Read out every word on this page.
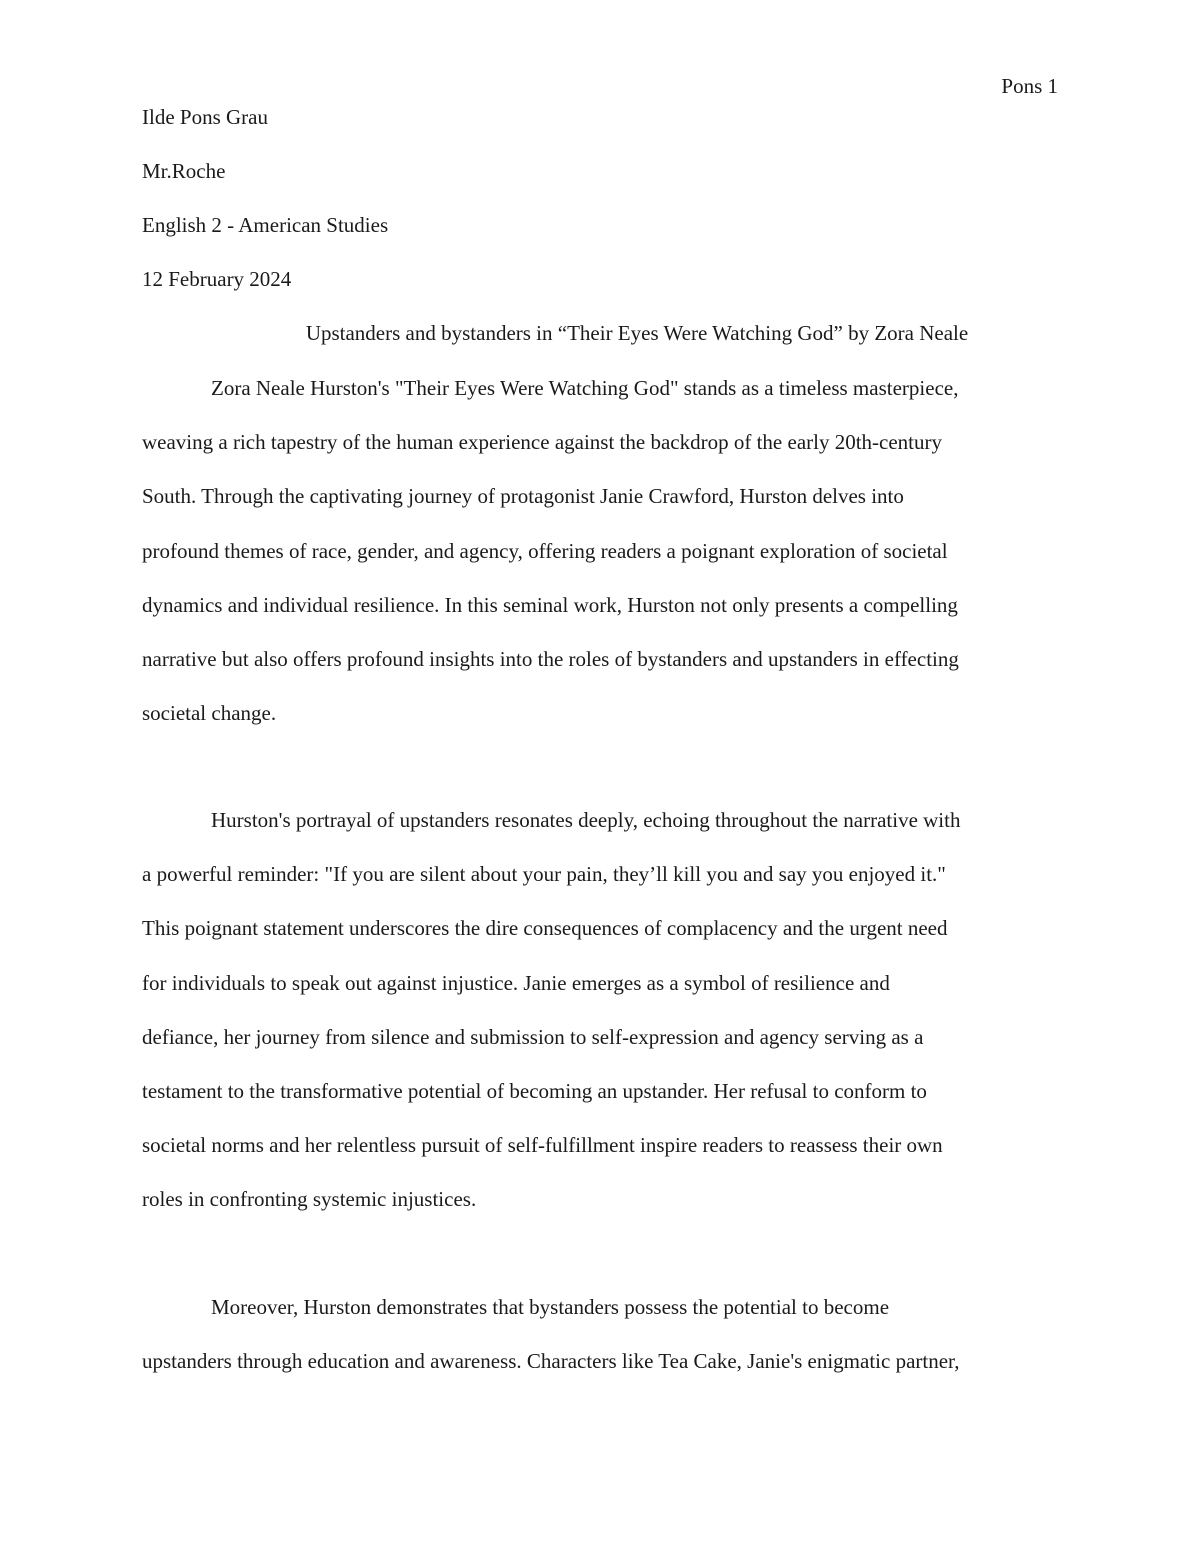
Pons 1
Ilde Pons Grau
Mr.Roche
English 2 - American Studies
12 February 2024
Upstanders and bystanders in “Their Eyes Were Watching God” by Zora Neale
Zora Neale Hurston's "Their Eyes Were Watching God" stands as a timeless masterpiece,
weaving a rich tapestry of the human experience against the backdrop of the early 20th-century
South. Through the captivating journey of protagonist Janie Crawford, Hurston delves into
profound themes of race, gender, and agency, offering readers a poignant exploration of societal
dynamics and individual resilience. In this seminal work, Hurston not only presents a compelling
narrative but also offers profound insights into the roles of bystanders and upstanders in effecting
societal change.
Hurston's portrayal of upstanders resonates deeply, echoing throughout the narrative with
a powerful reminder: "If you are silent about your pain, they’ll kill you and say you enjoyed it."
This poignant statement underscores the dire consequences of complacency and the urgent need
for individuals to speak out against injustice. Janie emerges as a symbol of resilience and
defiance, her journey from silence and submission to self-expression and agency serving as a
testament to the transformative potential of becoming an upstander. Her refusal to conform to
societal norms and her relentless pursuit of self-fulfillment inspire readers to reassess their own
roles in confronting systemic injustices.
Moreover, Hurston demonstrates that bystanders possess the potential to become
upstanders through education and awareness. Characters like Tea Cake, Janie's enigmatic partner,
